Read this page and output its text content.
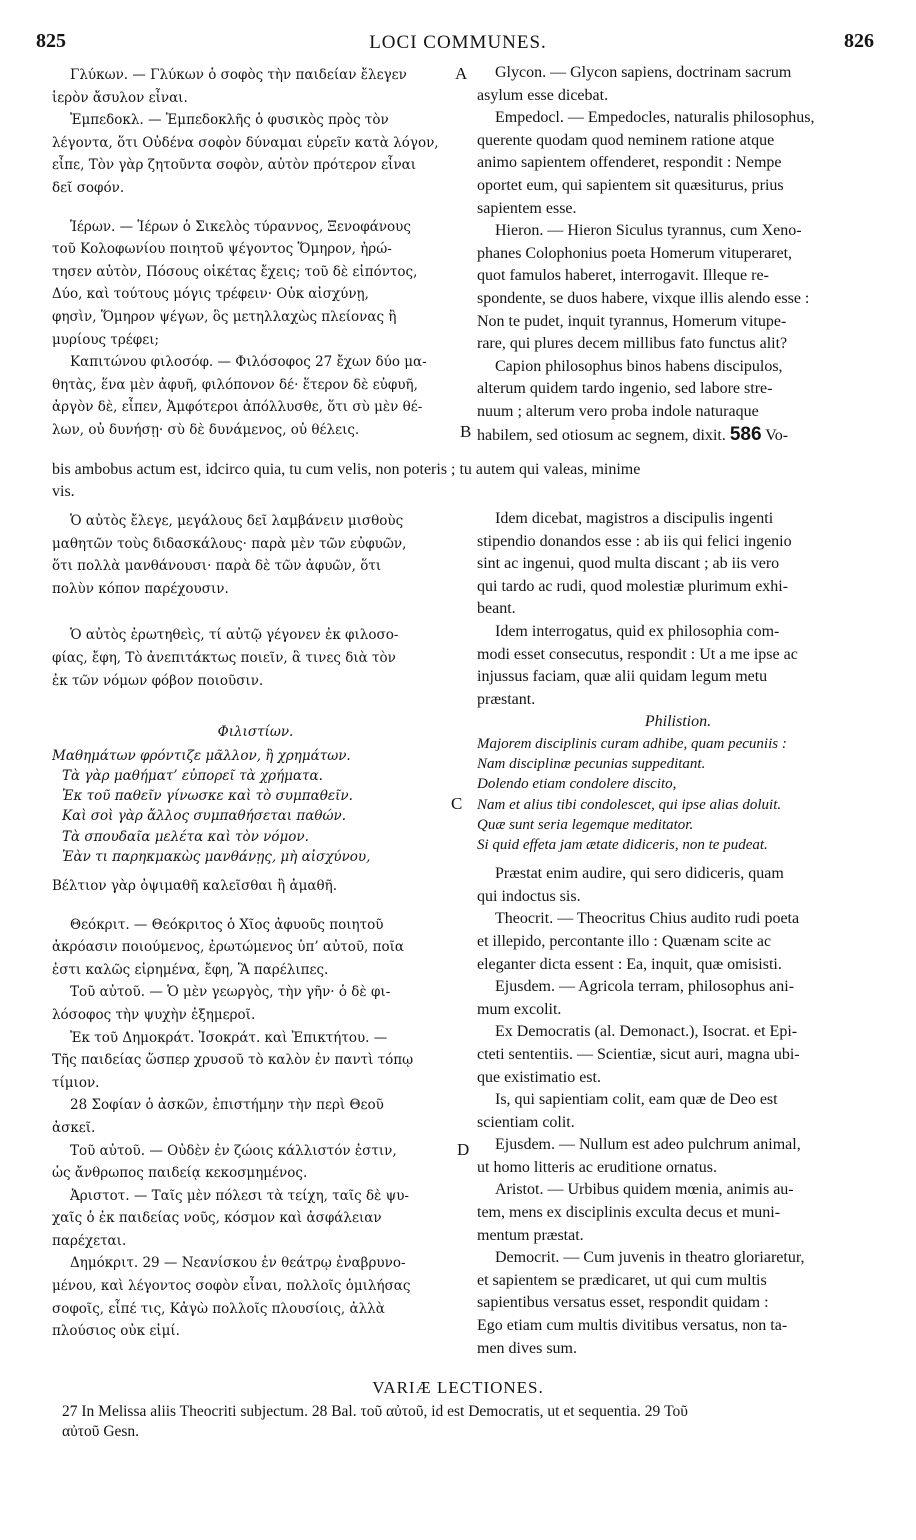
825	LOCI COMMUNES.	826
A
B
C
D
Γλύκων. — Γλύκων ὁ σοφὸς τὴν παιδείαν ἔλεγεν
ἱερὸν ἄσυλον εἶναι.
Ἐμπεδοκλ. — Ἐμπεδοκλῆς ὁ φυσικὸς πρὸς τὸν
λέγοντα, ὅτι Οὐδένα σοφὸν δύναμαι εὑρεῖν κατὰ λόγον,
εἶπε, Τὸν γὰρ ζητοῦντα σοφὸν, αὐτὸν πρότερον εἶναι
δεῖ σοφόν.
Ἱέρων. — Ἱέρων ὁ Σικελὸς τύραννος, Ξενοφάνους
τοῦ Κολοφωνίου ποιητοῦ ψέγοντος Ὅμηρον, ἠρώ-
τησεν αὐτὸν, Πόσους οἰκέτας ἔχεις; τοῦ δὲ εἰπόντος,
Δύο, καὶ τούτους μόγις τρέφειν· Οὐκ αἰσχύνῃ,
φησὶν, Ὅμηρον ψέγων, ὃς μετηλλαχὼς πλείονας ἢ
μυρίους τρέφει;
Καπιτώνου φιλοσόφ. — Φιλόσοφος 27 ἔχων δύο μα-
θητὰς, ἕνα μὲν ἀφυῆ, φιλόπονον δέ· ἕτερον δὲ εὐφυῆ,
ἀργὸν δὲ, εἶπεν, Ἀμφότεροι ἀπόλλυσθε, ὅτι σὺ μὲν θέ-
λων, οὐ δυνήσῃ· σὺ δὲ δυνάμενος, οὐ θέλεις.
Glycon. — Glycon sapiens, doctrinam sacrum
asylum esse dicebat.
Empedocl. — Empedocles, naturalis philosophus,
querente quodam quod neminem ratione atque
animo sapientem offenderet, respondit : Nempe
oportet eum, qui sapientem sit quæsiturus, prius
sapientem esse.
Hieron. — Hieron Siculus tyrannus, cum Xeno-
phanes Colophonius poeta Homerum vituperaret,
quot famulos haberet, interrogavit. Illeque re-
spondente, se duos habere, vixque illis alendo esse :
Non te pudet, inquit tyrannus, Homerum vitupe-
rare, qui plures decem millibus fato functus alit?
Capion philosophus binos habens discipulos,
alterum quidem tardo ingenio, sed labore stre-
nuum ; alterum vero proba indole naturaque
habilem, sed otiosum ac segnem, dixit. 586 Vo-
bis ambobus actum est, idcirco quia, tu cum velis, non poteris ; tu autem qui valeas, minime
vis.
Ὁ αὐτὸς ἔλεγε, μεγάλους δεῖ λαμβάνειν μισθοὺς
μαθητῶν τοὺς διδασκάλους· παρὰ μὲν τῶν εὐφυῶν,
ὅτι πολλὰ μανθάνουσι· παρὰ δὲ τῶν ἀφυῶν, ὅτι
πολὺν κόπον παρέχουσιν.
Ὁ αὐτὸς ἐρωτηθεὶς, τί αὐτῷ γέγονεν ἐκ φιλοσο-
φίας, ἔφη, Τὸ ἀνεπιτάκτως ποιεῖν, ἃ τινες διὰ τὸν
ἐκ τῶν νόμων φόβον ποιοῦσιν.
Φιλιστίων.
Μαθημάτων φρόντιζε μᾶλλον, ἢ χρημάτων.
Τὰ γὰρ μαθήματ’ εὐπορεῖ τὰ χρήματα.
Ἐκ τοῦ παθεῖν γίνωσκε καὶ τὸ συμπαθεῖν.
Καὶ σοὶ γὰρ ἄλλος συμπαθήσεται παθών.
Τὰ σπουδαῖα μελέτα καὶ τὸν νόμον.
Ἐὰν τι παρηκμακὼς μανθάνῃς, μὴ αἰσχύνου,
Βέλτιον γὰρ ὀψιμαθῆ καλεῖσθαι ἢ ἀμαθῆ.
Θεόκριτ. — Θεόκριτος ὁ Χῖος ἀφυοῦς ποιητοῦ
ἀκρόασιν ποιούμενος, ἐρωτώμενος ὑπ’ αὐτοῦ, ποῖα
ἐστι καλῶς εἰρημένα, ἔφη, Ἃ παρέλιπες.
Τοῦ αὐτοῦ. — Ὁ μὲν γεωργὸς, τὴν γῆν· ὁ δὲ φι-
λόσοφος τὴν ψυχὴν ἐξημεροῖ.
Ἐκ τοῦ Δημοκράτ. Ἰσοκράτ. καὶ Ἐπικτήτου. —
Τῆς παιδείας ὥσπερ χρυσοῦ τὸ καλὸν ἐν παντὶ τόπῳ
τίμιον.
28 Σοφίαν ὁ ἀσκῶν, ἐπιστήμην τὴν περὶ Θεοῦ
ἀσκεῖ.
Τοῦ αὐτοῦ. — Οὐδὲν ἐν ζώοις κάλλιστόν ἐστιν,
ὡς ἄνθρωπος παιδείᾳ κεκοσμημένος.
Ἀριστοτ. — Ταῖς μὲν πόλεσι τὰ τείχη, ταῖς δὲ ψυ-
χαῖς ὁ ἐκ παιδείας νοῦς, κόσμον καὶ ἀσφάλειαν
παρέχεται.
Δημόκριτ. 29 — Νεανίσκου ἐν θεάτρῳ ἐναβρυνο-
μένου, καὶ λέγοντος σοφὸν εἶναι, πολλοῖς ὁμιλήσας
σοφοῖς, εἶπέ τις, Κἀγὼ πολλοῖς πλουσίοις, ἀλλὰ
πλούσιος οὐκ εἰμί.
Idem dicebat, magistros a discipulis ingenti
stipendio donandos esse : ab iis qui felici ingenio
sint ac ingenui, quod multa discant ; ab iis vero
qui tardo ac rudi, quod molestiæ plurimum exhi-
beant.
Idem interrogatus, quid ex philosophia com-
modi esset consecutus, respondit : Ut a me ipse ac
injussus faciam, quæ alii quidam legum metu
præstant.
Philistion.
Majorem disciplinis curam adhibe, quam pecuniis :
Nam disciplinæ pecunias suppeditant.
Dolendo etiam condolere discito,
Nam et alius tibi condolescet, qui ipse alias doluit.
Quæ sunt seria legemque meditator.
Si quid effeta jam ætate didiceris, non te pudeat.
Præstat enim audire, qui sero didiceris, quam
qui indoctus sis.
Theocrit. — Theocritus Chius audito rudi poeta
et illepido, percontante illo : Quænam scite ac
eleganter dicta essent : Ea, inquit, quæ omisisti.
Ejusdem. — Agricola terram, philosophus ani-
mum excolit.
Ex Democratis (al. Demonact.), Isocrat. et Epi-
cteti sententiis. — Scientiæ, sicut auri, magna ubi-
que existimatio est.
Is, qui sapientiam colit, eam quæ de Deo est
scientiam colit.
Ejusdem. — Nullum est adeo pulchrum animal,
ut homo litteris ac eruditione ornatus.
Aristot. — Urbibus quidem mœnia, animis au-
tem, mens ex disciplinis exculta decus et muni-
mentum præstat.
Democrit. — Cum juvenis in theatro gloriaretur,
et sapientem se prædicaret, ut qui cum multis
sapientibus versatus esset, respondit quidam :
Ego etiam cum multis divitibus versatus, non ta-
men dives sum.
VARIÆ LECTIONES.
27 In Melissa aliis Theocriti subjectum. 28 Bal. τοῦ αὐτοῦ, id est Democratis, ut et sequentia. 29 Τοῦ
αὐτοῦ Gesn.
